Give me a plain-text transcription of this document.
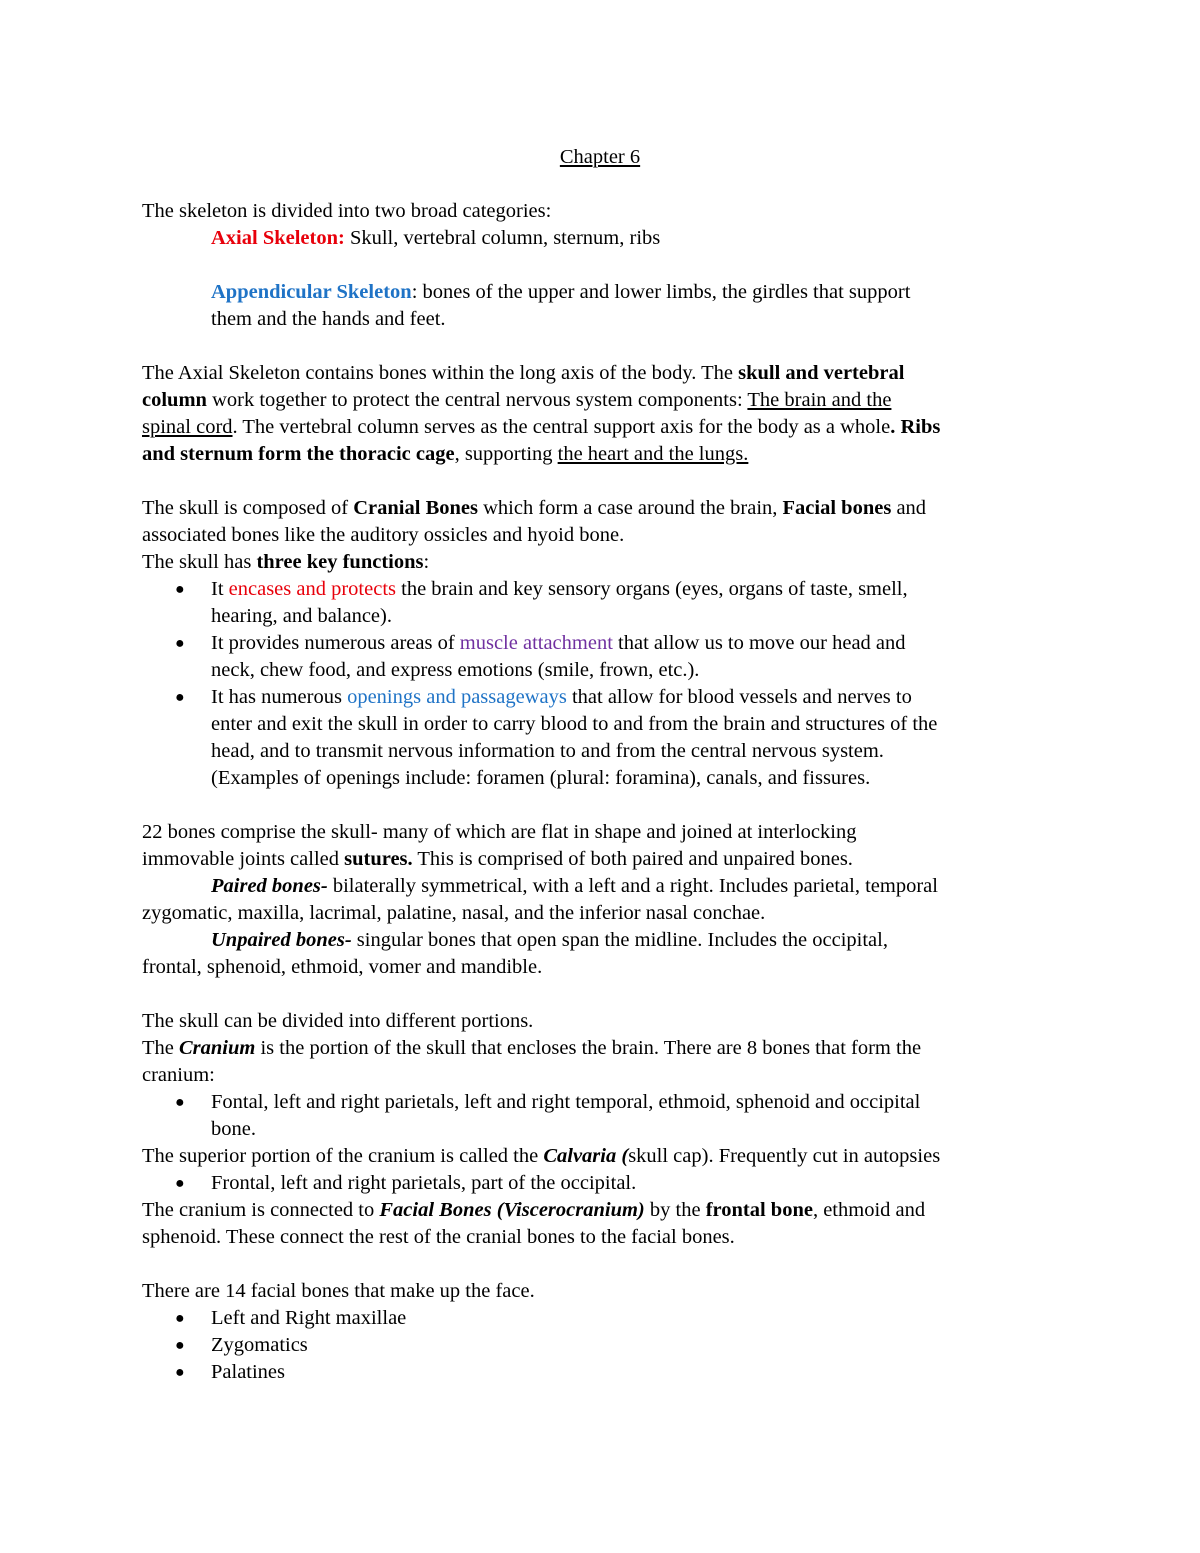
Chapter 6
The skeleton is divided into two broad categories:
Axial Skeleton: Skull, vertebral column, sternum, ribs
Appendicular Skeleton: bones of the upper and lower limbs, the girdles that support
them and the hands and feet.
The Axial Skeleton contains bones within the long axis of the body. The skull and vertebral
column work together to protect the central nervous system components: The brain and the
spinal cord. The vertebral column serves as the central support axis for the body as a whole. Ribs
and sternum form the thoracic cage, supporting the heart and the lungs.
The skull is composed of Cranial Bones which form a case around the brain, Facial bones and
associated bones like the auditory ossicles and hyoid bone.
The skull has three key functions:
● It encases and protects the brain and key sensory organs (eyes, organs of taste, smell,
hearing, and balance).
● It provides numerous areas of muscle attachment that allow us to move our head and
neck, chew food, and express emotions (smile, frown, etc.).
● It has numerous openings and passageways that allow for blood vessels and nerves to
enter and exit the skull in order to carry blood to and from the brain and structures of the
head, and to transmit nervous information to and from the central nervous system.
(Examples of openings include: foramen (plural: foramina), canals, and fissures.
22 bones comprise the skull- many of which are flat in shape and joined at interlocking
immovable joints called sutures. This is comprised of both paired and unpaired bones.
Paired bones- bilaterally symmetrical, with a left and a right. Includes parietal, temporal
zygomatic, maxilla, lacrimal, palatine, nasal, and the inferior nasal conchae.
Unpaired bones- singular bones that open span the midline. Includes the occipital,
frontal, sphenoid, ethmoid, vomer and mandible.
The skull can be divided into different portions.
The Cranium is the portion of the skull that encloses the brain. There are 8 bones that form the
cranium:
● Fontal, left and right parietals, left and right temporal, ethmoid, sphenoid and occipital
bone.
The superior portion of the cranium is called the Calvaria (skull cap). Frequently cut in autopsies
● Frontal, left and right parietals, part of the occipital.
The cranium is connected to Facial Bones (Viscerocranium) by the frontal bone, ethmoid and
sphenoid. These connect the rest of the cranial bones to the facial bones.
There are 14 facial bones that make up the face.
● Left and Right maxillae
● Zygomatics
● Palatines
